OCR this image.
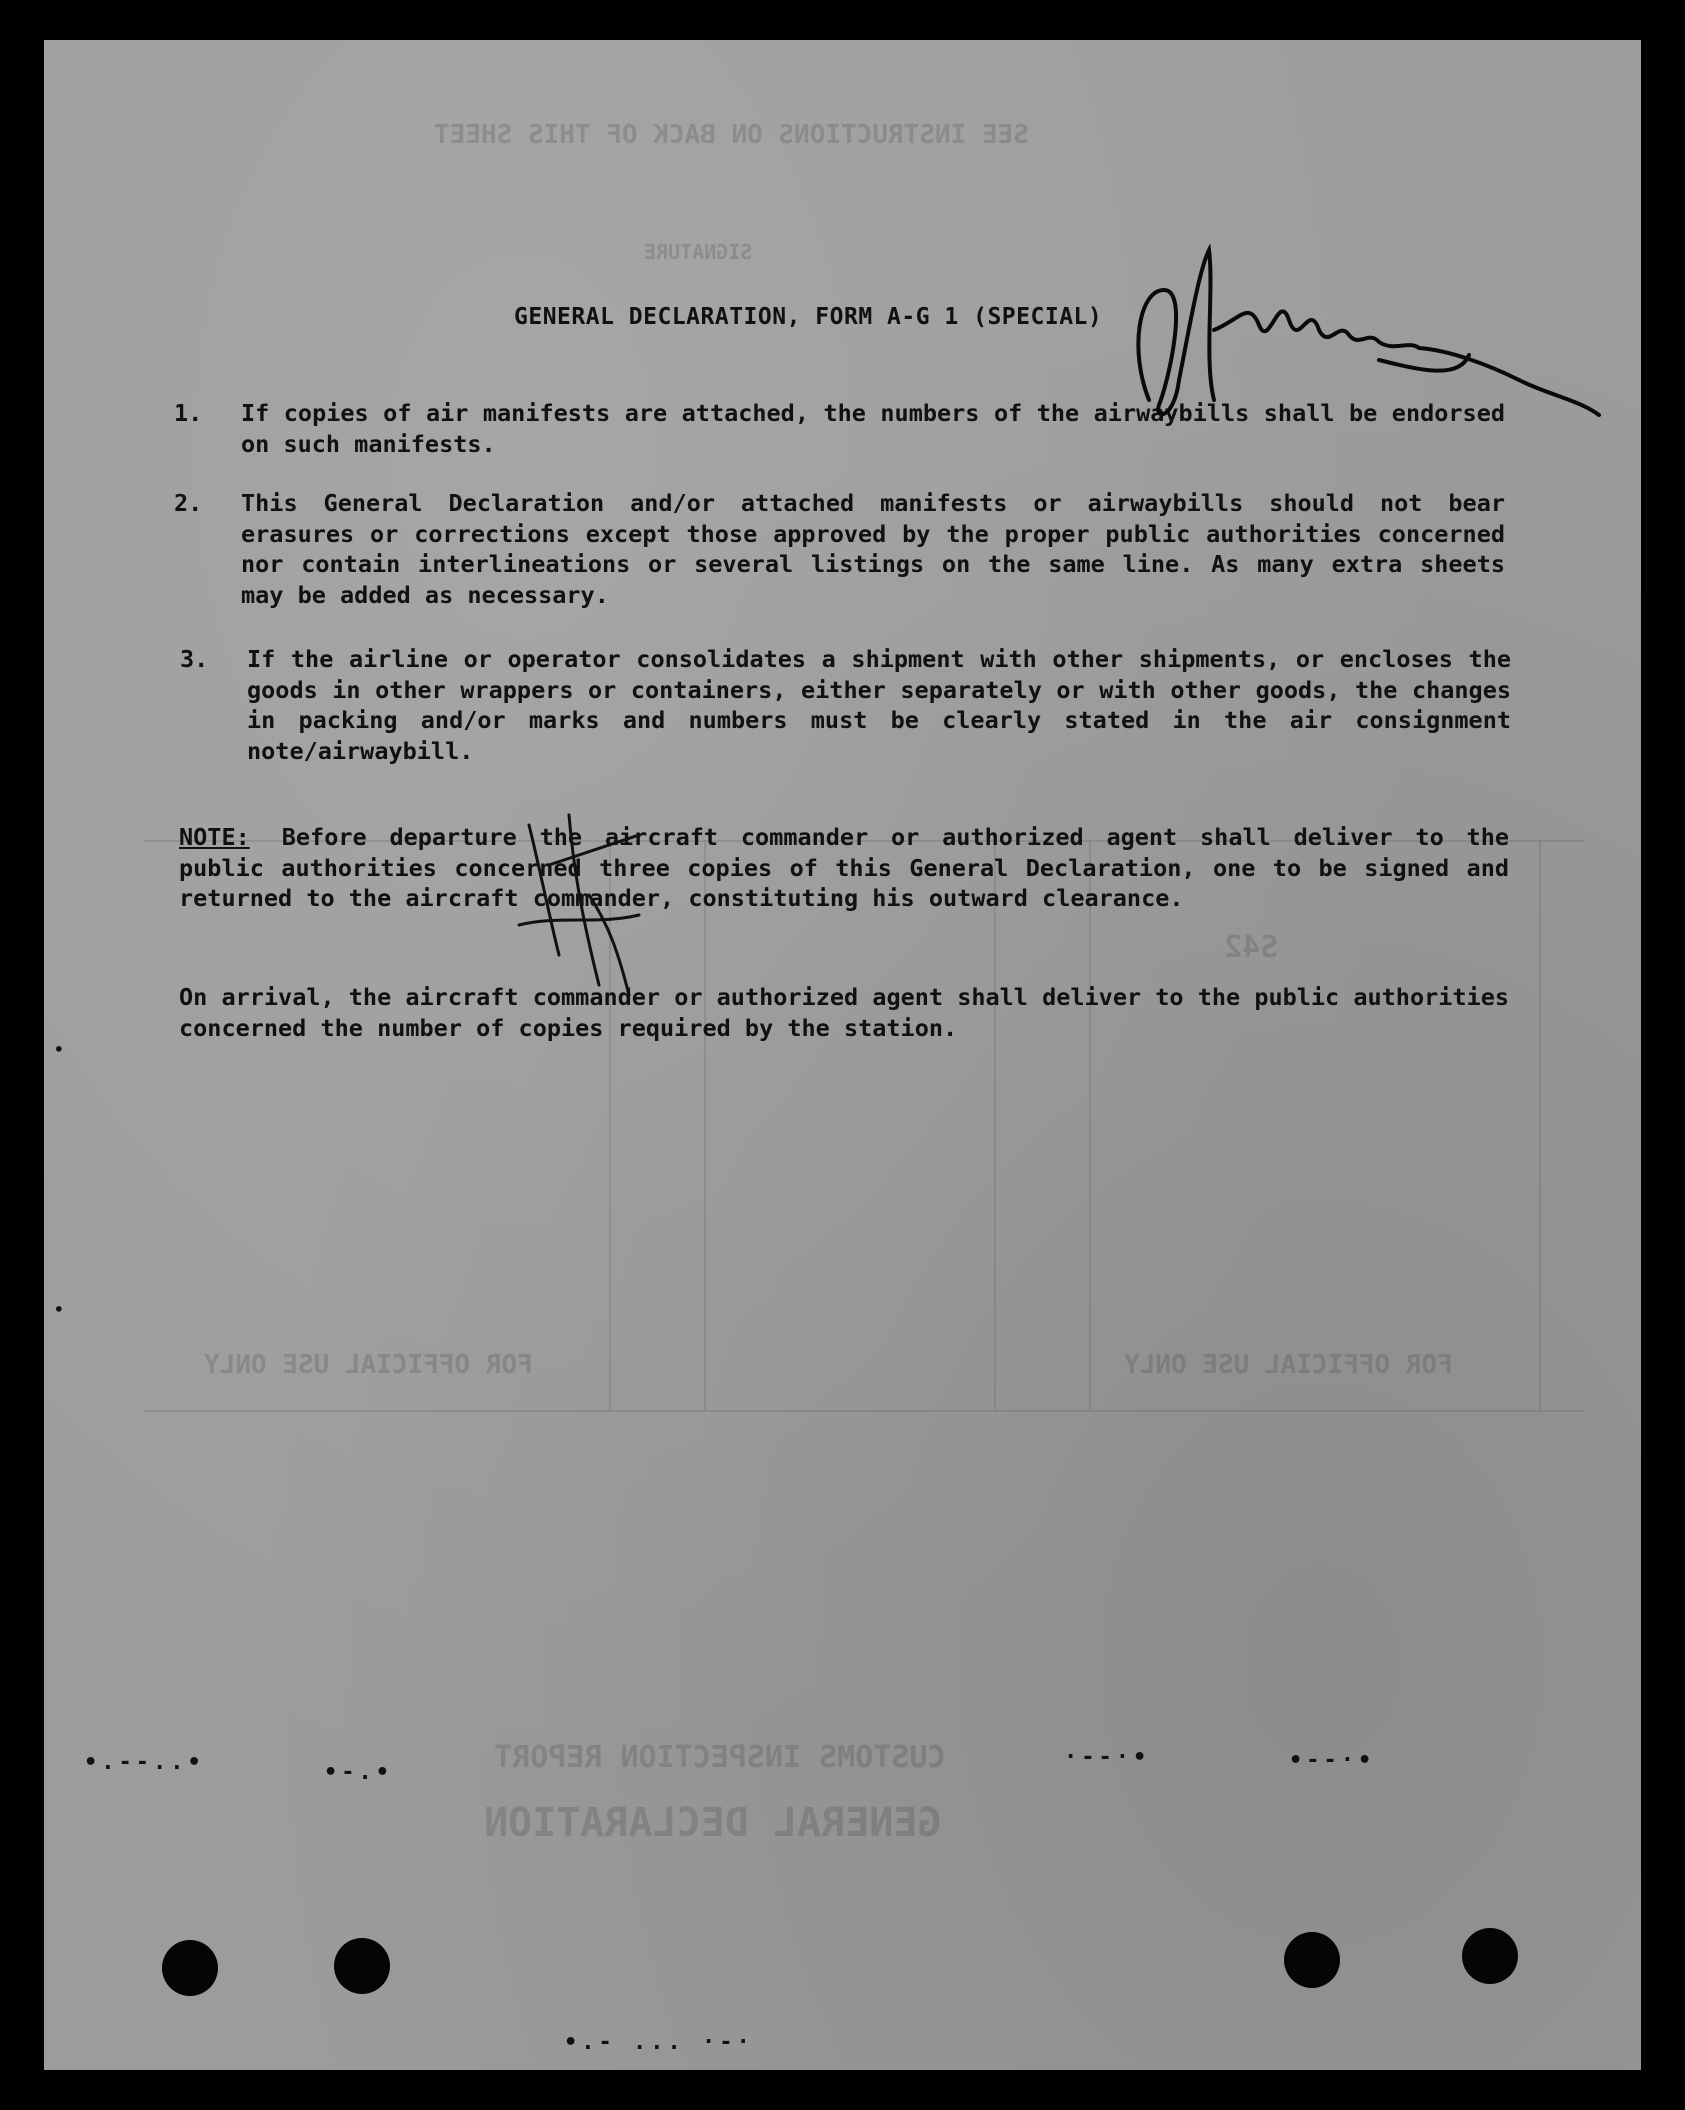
SEE INSTRUCTIONS ON BACK OF THIS SHEET
SIGNATURE
S42
FOR OFFICIAL USE ONLY	FOR OFFICIAL USE ONLY
CUSTOMS INSPECTION REPORT
GENERAL DECLARATION
GENERAL DECLARATION, FORM A-G 1 (SPECIAL)
1. If copies of air manifests are attached, the numbers of the airwaybills shall be endorsed on such manifests.
2. This General Declaration and/or attached manifests or airwaybills should not bear erasures or corrections except those approved by the proper public authorities concerned nor contain interlineations or several listings on the same line. As many extra sheets may be added as necessary.
3. If the airline or operator consolidates a shipment with other shipments, or encloses the goods in other wrappers or containers, either separately or with other goods, the changes in packing and/or marks and numbers must be clearly stated in the air consignment note/airwaybill.
NOTE: Before departure the aircraft commander or authorized agent shall deliver to the public authorities concerned three copies of this General Declaration, one to be signed and returned to the aircraft commander, constituting his outward clearance.
On arrival, the aircraft commander or authorized agent shall deliver to the public authorities concerned the number of copies required by the station.
•.--..•	•-.•
·--·•	•--·•
•.- ... ·-·
•
•
